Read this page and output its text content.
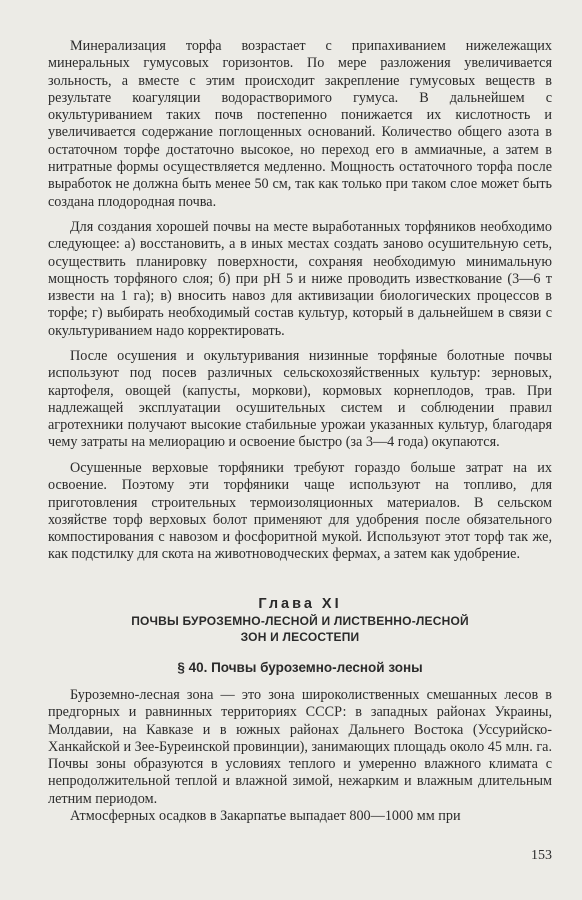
Минерализация торфа возрастает с припахиванием нижележащих минеральных гумусовых горизонтов. По мере разложения увеличивается зольность, а вместе с этим происходит закрепление гумусовых веществ в результате коагуляции водорастворимого гумуса. В дальнейшем с окультуриванием таких почв постепенно понижается их кислотность и увеличивается содержание поглощенных оснований. Количество общего азота в остаточном торфе достаточно высокое, но переход его в аммиачные, а затем в нитратные формы осуществляется медленно. Мощность остаточного торфа после выработок не должна быть менее 50 см, так как только при таком слое может быть создана плодородная почва.

Для создания хорошей почвы на месте выработанных торфяников необходимо следующее: а) восстановить, а в иных местах создать заново осушительную сеть, осуществить планировку поверхности, сохраняя необходимую минимальную мощность торфяного слоя; б) при pH 5 и ниже проводить известкование (3—6 т извести на 1 га); в) вносить навоз для активизации биологических процессов в торфе; г) выбирать необходимый состав культур, который в дальнейшем в связи с окультуриванием надо корректировать.

После осушения и окультуривания низинные торфяные болотные почвы используют под посев различных сельскохозяйственных культур: зерновых, картофеля, овощей (капусты, моркови), кормовых корнеплодов, трав. При надлежащей эксплуатации осушительных систем и соблюдении правил агротехники получают высокие стабильные урожаи указанных культур, благодаря чему затраты на мелиорацию и освоение быстро (за 3—4 года) окупаются.

Осушенные верховые торфяники требуют гораздо больше затрат на их освоение. Поэтому эти торфяники чаще используют на топливо, для приготовления строительных термоизоляционных материалов. В сельском хозяйстве торф верховых болот применяют для удобрения после обязательного компостирования с навозом и фосфоритной мукой. Используют этот торф так же, как подстилку для скота на животноводческих фермах, а затем как удобрение.

Глава XI
ПОЧВЫ БУРОЗЕМНО-ЛЕСНОЙ И ЛИСТВЕННО-ЛЕСНОЙ
ЗОН И ЛЕСОСТЕПИ
§ 40. Почвы буроземно-лесной зоны

Буроземно-лесная зона — это зона широколиственных смешанных лесов в предгорных и равнинных территориях СССР: в западных районах Украины, Молдавии, на Кавказе и в южных районах Дальнего Востока (Уссурийско-Ханкайской и Зее-Буреинской провинции), занимающих площадь около 45 млн. га. Почвы зоны образуются в условиях теплого и умеренно влажного климата с непродолжительной теплой и влажной зимой, нежарким и влажным длительным летним периодом.

Атмосферных осадков в Закарпатье выпадает 800—1000 мм при

153
